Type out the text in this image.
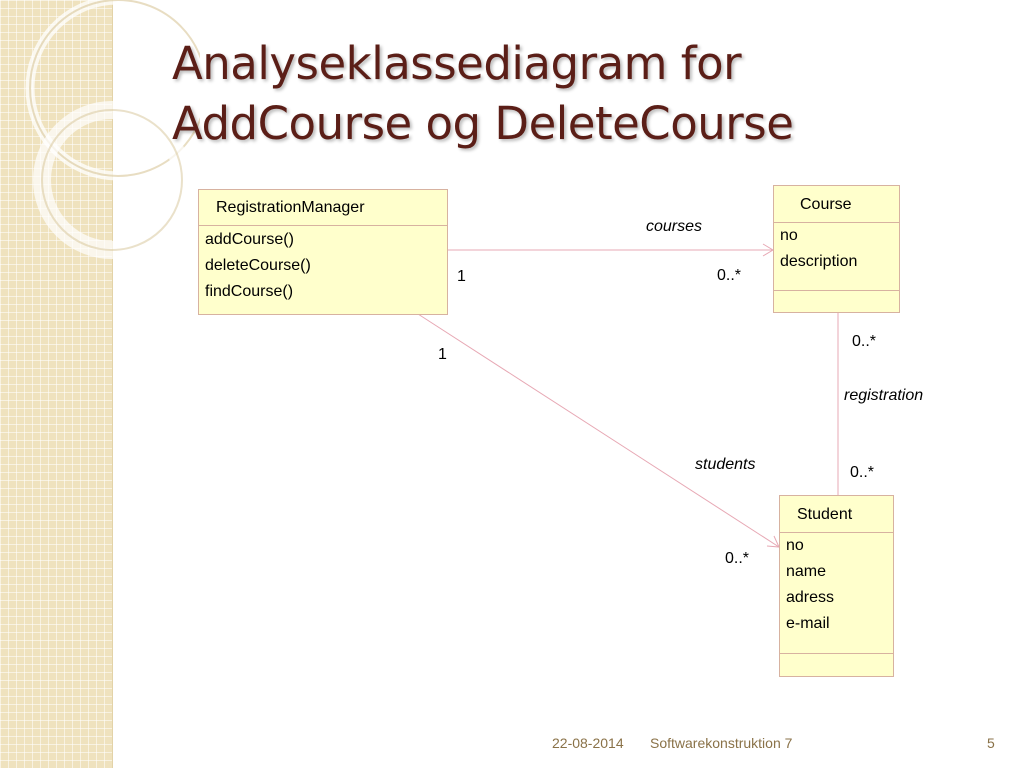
Analyseklassediagram for
AddCourse og DeleteCourse
RegistrationManager
addCourse()
deleteCourse()
findCourse()
Course
no
description
Student
no
name
adress
e-mail
courses
1	0..*
1
students
0..*
0..*
registration
0..*
22-08-2014 Softwarekonstruktion 7	5
